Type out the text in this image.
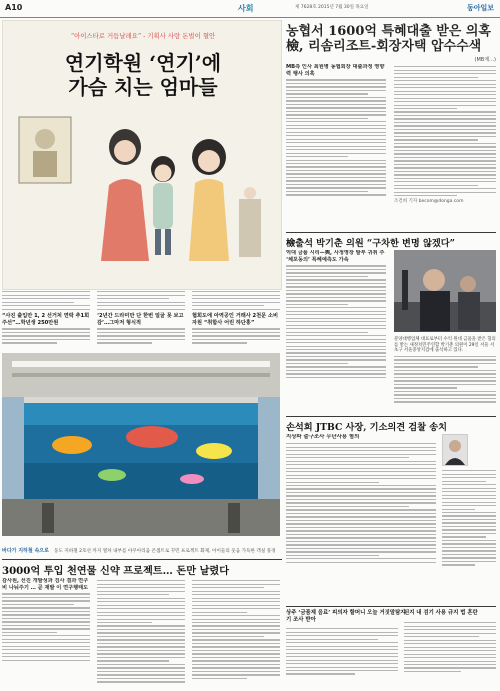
A10	사회	제 7628호 2015년 7월 30일 목요일	동아일보
“아이스타로 거듭날래요” - 기획사 사랑 돈벌이 혈안
연기학원 ‘연기’에
가슴 치는 엄마들
“사진 출입만 1, 2 선거처 연락 추1회 주선”…학년생 250만원
‘2년간 드라미만 단 한번 얼굴 못 보고 감’…그마저 형식적
협회도에 아역공인 거래사 2천문 소비자원 “취합사 어린 하단홍”
바다가 지하철 속으로 동도 지하철 2호선 까지 열차 내부를 아쿠아리움 콘셉트로 꾸민 프로젝트 화제, 아이들의 웃음 가득한 객실 풍경
농협서 1600억 특혜대출 받은 의혹
檢, 리솜리조트-회장자택 압수수색
(MB계…)
MB측 인사 최원병 농협회장 대출과정 영향력 행사 의혹
조건희 기자 becom@donga.com
檢출석 박기춘 의원 “구차한 변명 않겠다”
억대 금품 시리—輿, 사정영장 발부 귀취 주 ‘체포동의’ 특혜예측도 가속
분양대행업체 대표로부터 수억 원대 금품을 받은 혐의를 받는 새정치민주연합 박기춘 의원이 29일 서울 서초구 서울중앙지검에 출석하고 있다.
손석희 JTBC 사장, 기소의견 검찰 송치
지상파 출구조사 무단사용 혐의
3000억 투입 천연물 신약 프로젝트… 돈만 날렸다
감사원, 선진 개발성과 검사 결과 연구비 나눠주기 … 곧 재발 이 연구행태도
상주 ‘금품제 음료’ 피의자 할머니 오늘 거짓말탐지기 조사 받아
된지 내 검기 사용 규지 법 혼란
